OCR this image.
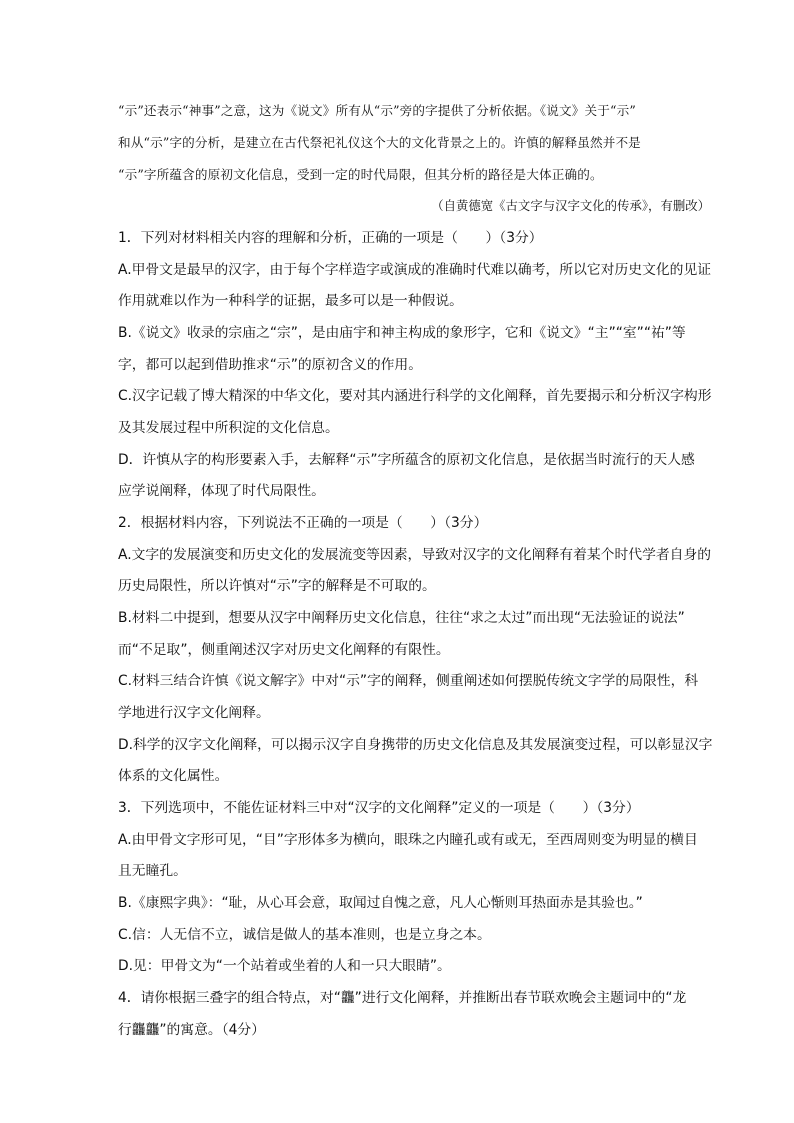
“示”还表示“神事”之意，这为《说文》所有从“示”旁的字提供了分析依据。《说文》关于“示”
和从“示”字的分析，是建立在古代祭祀礼仪这个大的文化背景之上的。许慎的解释虽然并不是
“示”字所蕴含的原初文化信息，受到一定的时代局限，但其分析的路径是大体正确的。
（自黄德宽《古文字与汉字文化的传承》，有删改）
1．下列对材料相关内容的理解和分析，正确的一项是（　　）（3分）
A.甲骨文是最早的汉字，由于每个字样造字或演成的准确时代难以确考，所以它对历史文化的见证
作用就难以作为一种科学的证据，最多可以是一种假说。
B.《说文》收录的宗庙之“宗”，是由庙宇和神主构成的象形字，它和《说文》“主”“室”“祐”等
字，都可以起到借助推求“示”的原初含义的作用。
C.汉字记载了博大精深的中华文化，要对其内涵进行科学的文化阐释，首先要揭示和分析汉字构形
及其发展过程中所积淀的文化信息。
D．许慎从字的构形要素入手，去解释“示”字所蕴含的原初文化信息，是依据当时流行的天人感
应学说阐释，体现了时代局限性。
2．根据材料内容，下列说法不正确的一项是（　　）（3分）
A.文字的发展演变和历史文化的发展流变等因素，导致对汉字的文化阐释有着某个时代学者自身的
历史局限性，所以许慎对“示”字的解释是不可取的。
B.材料二中提到，想要从汉字中阐释历史文化信息，往往“求之太过”而出现“无法验证的说法”
而“不足取”，侧重阐述汉字对历史文化阐释的有限性。
C.材料三结合许慎《说文解字》中对“示”字的阐释，侧重阐述如何摆脱传统文字学的局限性，科
学地进行汉字文化阐释。
D.科学的汉字文化阐释，可以揭示汉字自身携带的历史文化信息及其发展演变过程，可以彰显汉字
体系的文化属性。
3．下列选项中，不能佐证材料三中对“汉字的文化阐释”定义的一项是（　　）（3分）
A.由甲骨文字形可见，“目”字形体多为横向，眼珠之内瞳孔或有或无，至西周则变为明显的横目
且无瞳孔。
B.《康熙字典》：“耻，从心耳会意，取闻过自愧之意，凡人心惭则耳热面赤是其验也。”
C.信：人无信不立，诚信是做人的基本准则，也是立身之本。
D.见：甲骨文为“一个站着或坐着的人和一只大眼睛”。
4．请你根据三叠字的组合特点，对“龘”进行文化阐释，并推断出春节联欢晚会主题词中的“龙
行龘龘”的寓意。（4分）
